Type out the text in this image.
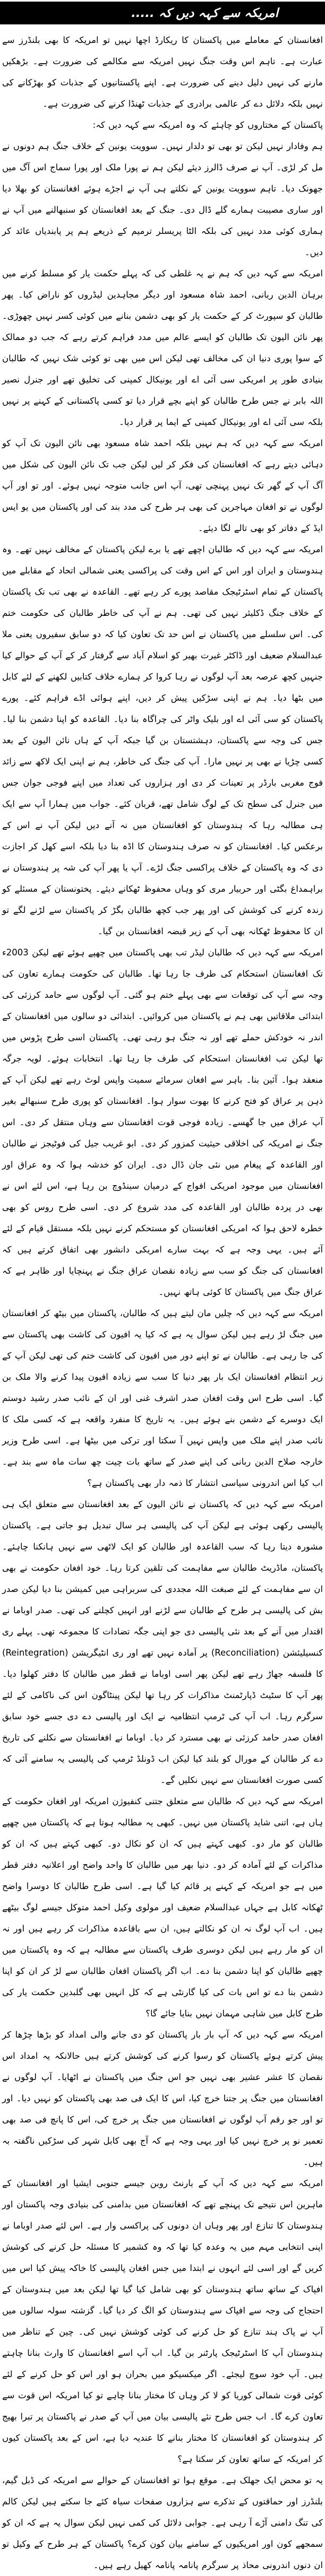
امریکہ سے کہہ دیں کہ .....

افغانستان کے معاملے میں پاکستان کا ریکارڈ اچھا نہیں تو امریکہ کا بھی بلنڈرز سے عبارت ہے۔ تاہم اس وقت جنگ نہیں امریکہ سے مکالمے کی ضرورت ہے۔ بڑھکیں مارنے کی نہیں دلیل دینے کی ضرورت ہے۔ اپنے پاکستانیوں کے جذبات کو بھڑکانے کی نہیں بلکہ دلائل دے کر عالمی برادری کے جذبات ٹھنڈا کرنے کی ضرورت ہے۔

پاکستان کے مختاروں کو چاہئے کہ وہ امریکہ سے کہہ دیں کہ:

ہم وفادار نہیں لیکن تو بھی تو دلدار نہیں۔ سوویت یونین کے خلاف جنگ ہم دونوں نے مل کر لڑی۔ آپ نے صرف ڈالرز دیئے لیکن ہم نے پورا ملک اور پورا سماج اس آگ میں جھونک دیا۔ تاہم سوویت یونین کے نکلتے ہی آپ نے اجڑے ہوئے افغانستان کو بھلا دیا اور ساری مصیبت ہمارے گلے ڈال دی۔ جنگ کے بعد افغانستان کو سنبھالنے میں آپ نے ہماری کوئی مدد نہیں کی بلکہ الٹا پریسلر ترمیم کے ذریعے ہم پر پابندیاں عائد کر دیں۔

امریکہ سے کہہ دیں کہ ہم نے یہ غلطی کی کہ پہلے حکمت یار کو مسلط کرنے میں برہان الدین ربانی، احمد شاہ مسعود اور دیگر مجاہدین لیڈروں کو ناراض کیا۔ پھر طالبان کو سپورٹ کر کے حکمت یار کو بھی دشمن بنانے میں کوئی کسر نہیں چھوڑی۔ پھر نائن الیون تک طالبان کو ایسے عالم میں مدد فراہم کرتے رہے کہ جب دو ممالک کے سوا پوری دنیا ان کی مخالف تھی لیکن اس میں بھی تو کوئی شک نہیں کہ طالبان بنیادی طور پر امریکی سی آئی اے اور یونیکال کمپنی کی تخلیق تھے اور جنرل نصیر اللہ بابر نے جس طرح طالبان کو اپنے بچے قرار دیا تو کسی پاکستانی کے کہنے پر نہیں بلکہ سی آئی اے اور یونیکال کمپنی کے ایما پر قرار دیا۔

امریکہ سے کہہ دیں کہ ہم نہیں بلکہ احمد شاہ مسعود بھی نائن الیون تک آپ کو دہائی دیتے رہے کہ افغانستان کی فکر کر لیں لیکن جب تک نائن الیون کی شکل میں آگ آپ کے گھر تک نہیں پہنچی تھی، آپ اس جانب متوجہ نہیں ہوئے۔ اور تو اور آپ لوگوں نے تو افغان مہاجرین کی بھی ہر طرح کی مدد بند کی اور پاکستان میں یو ایس ایڈ کے دفاتر کو بھی تالے لگا دیئے۔

امریکہ سے کہہ دیں کہ طالبان اچھے تھے یا برے لیکن پاکستان کے مخالف نہیں تھے۔ وہ ہندوستان و ایران اور اس کے اس وقت کی پراکسی یعنی شمالی اتحاد کے مقابلے میں پاکستان کے تمام اسٹرٹیجک مقاصد پورے کر رہے تھے۔ القاعدہ نے بھی تب تک پاکستان کے خلاف جنگ ڈکلیئر نہیں کی تھی۔ ہم نے آپ کی خاطر طالبان کی حکومت ختم کی۔ اس سلسلے میں پاکستان نے اس حد تک تعاون کیا کہ دو سابق سفیروں یعنی ملا عبدالسلام ضعیف اور ڈاکٹر غیرت بھیر کو اسلام آباد سے گرفتار کر کے آپ کے حوالے کیا جنہیں کچھ عرصہ بعد آپ لوگوں نے رہا کروا کر ہمارے خلاف کتابیں لکھنے کے لئے کابل میں بٹھا دیا۔ ہم نے اپنی سڑکیں پیش کر دیں، اپنے ہوائی اڈے فراہم کئے۔ پورے پاکستان کو سی آئی اے اور بلیک واٹر کی چراگاہ بنا دیا۔ القاعدہ کو اپنا دشمن بنا لیا۔ جس کی وجہ سے پاکستان، دہشتستان بن گیا جبکہ آپ کے ہاں نائن الیون کے بعد کسی چڑیا نے بھی پر نہیں مارا۔ آپ کی جنگ کی خاطر، ہم نے اپنی ایک لاکھ سے زائد فوج مغربی بارڈر پر تعینات کر دی اور ہزاروں کی تعداد میں اپنے فوجی جوان جس میں جنرل کی سطح تک کے لوگ شامل تھے، قربان کئے۔ جواب میں ہمارا آپ سے ایک ہی مطالبہ رہا کہ ہندوستان کو افغانستان میں نہ آنے دیں لیکن آپ نے اس کے برعکس کیا۔ افغانستان کو نہ صرف ہندوستان کا اڈہ بنا دیا بلکہ اسے کھل کر اجازت دی کہ وہ پاکستان کے خلاف پراکسی جنگ لڑے۔ آپ یا پھر آپ کی شہ پر ہندوستان نے براہمداغ بگٹی اور حربیار مری کو وہاں محفوظ ٹھکانے دیئے۔ پختونستان کے مسئلے کو زندہ کرنے کی کوشش کی اور پھر جب کچھ طالبان بگڑ کر پاکستان سے لڑنے لگے تو ان کا محفوظ ٹھکانہ بھی آپ کے زیر قبضہ افغانستان بن گیا۔

امریکہ سے کہہ دیں کہ طالبان لیڈر تب بھی پاکستان میں چھپے ہوئے تھے لیکن 2003ء تک افغانستان استحکام کی طرف جا رہا تھا۔ طالبان کی حکومت ہمارے تعاون کی وجہ سے آپ کی توقعات سے بھی پہلے ختم ہو گئی۔ آپ لوگوں سے حامد کرزئی کی ابتدائی ملاقاتیں بھی ہم نے پاکستان میں کروائیں۔ ابتدائی دو سالوں میں افغانستان کے اندر نہ خودکش حملے تھے اور نہ جنگ ہو رہی تھی۔ پاکستان اسی طرح پڑوس میں تھا لیکن تب افغانستان استحکام کی طرف جا رہا تھا۔ انتخابات ہوئے۔ لویہ جرگہ منعقد ہوا۔ آئین بنا۔ باہر سے افغان سرمائے سمیت واپس لوٹ رہے تھے لیکن آپ کے ذہن پر عراق کو فتح کرنے کا بھوت سوار ہوا۔ افغانستان کو پوری طرح سنبھالے بغیر آپ عراق میں جا گھسے۔ زیادہ فوجی قوت افغانستان سے وہاں منتقل کر دی۔ اس جنگ نے امریکہ کی اخلاقی حیثیت کمزور کر دی۔ ابو غریب جیل کی فوٹیجز نے طالبان اور القاعدہ کے پیغام میں نئی جان ڈال دی۔ ایران کو خدشہ ہوا کہ وہ عراق اور افغانستان میں موجود امریکی افواج کے درمیان سینڈوچ بن رہا ہے، اس لئے اس نے بھی در پردہ طالبان اور القاعدہ کی مدد شروع کر دی۔ اسی طرح روس کو بھی خطرہ لاحق ہوا کہ امریکی افغانستان کو مستحکم کرنے نہیں بلکہ مستقل قیام کے لئے آئے ہیں۔ یہی وجہ ہے کہ بہت سارے امریکی دانشور بھی اتفاق کرتے ہیں کہ افغانستان کی جنگ کو سب سے زیادہ نقصان عراق جنگ نے پہنچایا اور ظاہر ہے کہ عراق جنگ میں پاکستان کا کوئی ہاتھ نہیں۔

امریکہ سے کہہ دیں کہ چلیں مان لیتے ہیں کہ طالبان، پاکستان میں بیٹھ کر افغانستان میں جنگ لڑ رہے ہیں لیکن سوال یہ ہے کہ کیا یہ افیون کی کاشت بھی پاکستان سے کی جا رہی ہے۔ طالبان نے تو اپنے دور میں افیون کی کاشت ختم کی تھی لیکن آپ کے زیر انتظام افغانستان ایک بار پھر دنیا کا سب سے زیادہ افیون پیدا کرنے والا ملک بن گیا۔ اسی طرح اس وقت افغان صدر اشرف غنی اور ان کے نائب صدر رشید دوستم ایک دوسرے کے دشمن بنے ہوئے ہیں۔ یہ تاریخ کا منفرد واقعہ ہے کہ کسی ملک کا نائب صدر اپنے ملک میں واپس نہیں آ سکتا اور ترکی میں بیٹھا ہے۔ اسی طرح وزیر خارجہ صلاح الدین ربانی کی اپنے صدر کے ساتھ بات چیت چھ سات ماہ سے بند ہے۔ اب کیا اس اندرونی سیاسی انتشار کا ذمہ دار بھی پاکستان ہے؟

امریکہ سے کہہ دیں کہ پاکستان نے نائن الیون کے بعد افغانستان سے متعلق ایک ہی پالیسی رکھی ہوئی ہے لیکن آپ کی پالیسی ہر سال تبدیل ہو جاتی ہے۔ پاکستان مشورہ دیتا رہا کہ سب القاعدہ اور طالبان کو ایک لاٹھی سے نہیں ہانکنا چاہئے۔ پاکستان، ماڈریٹ طالبان سے مفاہمت کی تلقین کرتا رہا۔ خود افغان حکومت نے بھی ان سے مفاہمت کے لئے صبغت اللہ مجددی کی سربراہی میں کمیشن بنا دیا لیکن صدر بش کی پالیسی ہر طرح کے طالبان سے لڑنے اور انہیں کچلنے کی تھی۔ صدر اوباما نے اقتدار میں آنے کے بعد نئی پالیسی دی جو اپنی جگہ تضادات کا مجموعہ تھی۔ پہلے ری کنسیلیئشن (Reconciliation) پر آمادہ نہیں تھے اور ری انٹیگریشن (Reintegration) کا فلسفہ جھاڑ رہے تھے لیکن پھر اسی اوباما نے قطر میں طالبان کا دفتر کھلوا دیا۔ پھر آپ کا سٹیٹ ڈپارٹمنٹ مذاکرات کر رہا تھا لیکن پینٹاگون اس کی ناکامی کے لئے سرگرم رہا۔ اب آپ کی ٹرمپ انتظامیہ نے ایک اور پالیسی دے دی جسے خود سابق افغان صدر حامد کرزئی نے بھی مسترد کر دیا۔ اوباما نے افغانستان سے نکلنے کی تاریخ دے کر طالبان کے مورال کو بلند کیا لیکن اب ڈونلڈ ٹرمپ کی پالیسی یہ سامنے آئی کہ کسی صورت افغانستان سے نہیں نکلیں گے۔

امریکہ سے کہہ دیں کہ طالبان سے متعلق جتنی کنفیوژن امریکہ اور افغان حکومت کے ہاں ہے، اتنی شاید پاکستان میں نہیں۔ کبھی یہ مطالبہ ہوتا ہے کہ پاکستان میں چھپے طالبان کو مار دو۔ کبھی کہتے ہیں کہ ان کو نکال دو۔ کبھی کہتے ہیں کہ ان کو مذاکرات کے لئے آمادہ کر دو۔ دنیا بھر میں طالبان کا واحد واضح اور اعلانیہ دفتر قطر میں ہے جو امریکہ کے کہنے پر قائم کیا گیا ہے۔ اسی طرح طالبان کا دوسرا واضح ٹھکانہ کابل ہے جہاں عبدالسلام ضعیف اور مولوی وکیل احمد متوکل جیسے لوگ بیٹھے ہیں۔ اب آپ لوگ نہ ان کو نکالتے ہیں، ان سے باقاعدہ مذاکرات کر رہے ہیں اور نہ ان کو مار رہے ہیں لیکن دوسری طرف پاکستان سے مطالبہ ہے کہ وہ پاکستان میں چھپے طالبان کو اپنا دشمن بنا دے۔ اب اگر پاکستان افغان طالبان سے لڑ کر ان کو اپنا دشمن بنا دے تو اس بات کی کیا گارنٹی ہے کہ کل انہیں بھی گلبدین حکمت یار کی طرح کابل میں شاہی مہمان نہیں بنایا جائے گا؟

امریکہ سے کہہ دیں کہ آپ بار بار پاکستان کو دی جانے والی امداد کو بڑھا چڑھا کر پیش کرتے ہوئے پاکستان کو رسوا کرنے کی کوشش کرتے ہیں حالانکہ یہ امداد اس نقصان کا عشر عشیر بھی نہیں جو اس جنگ میں پاکستان نے اٹھایا۔ آپ لوگوں نے افغانستان میں جنگ پر جتنا خرچ کیا، اس کا ایک فی صد بھی پاکستان کو نہیں دیا۔ اور تو اور جو رقم آپ لوگوں نے افغانستان میں جنگ پر خرچ کی، اس کا پانچ فی صد بھی تعمیر نو پر خرچ نہیں کیا اور یہی وجہ ہے کہ آج بھی کابل شہر کی سڑکیں ناگفتہ بہ ہیں۔

امریکہ سے کہہ دیں کہ آپ کے بارنٹ روبن جیسے جنوبی ایشیا اور افغانستان کے ماہرین اس نتیجے تک پہنچے تھے کہ افغانستان میں بدامنی کی بنیادی وجہ پاکستان اور ہندوستان کا تنازع اور پھر وہاں ان دونوں کی پراکسی وار ہے۔ اس لئے صدر اوباما نے اپنی انتخابی مہم میں یہ وعدہ کیا تھا کہ وہ کشمیر کا مسئلہ حل کرنے کی کوشش کریں گے اور اسی لئے انہوں نے ابتدا میں جس افغان پالیسی کا خاکہ پیش کیا اس میں افپاک کے ساتھ ساتھ ہندوستان کو بھی شامل کیا گیا تھا لیکن بعد میں ہندوستان کے احتجاج کی وجہ سے افپاک سے ہندوستان کو الگ کر دیا گیا۔ گزشتہ سولہ سالوں میں آپ نے پاک ہند تنازع کو حل کرنے کی کوئی کوشش نہیں کی۔ چین کے تناظر میں ہندوستان آپ کا اسٹرٹیجک پارٹنر بن گیا۔ اب آپ اسے افغانستان کا وارث بنانا چاہتے ہیں۔ آپ خود سوچ لیجئے۔ اگر میکسیکو میں بحران ہو اور اس کو حل کرنے کے لئے کوئی قوت شمالی کوریا کو لا کر وہاں کا مختار بنانا چاہے تو کیا امریکہ اس قوت سے تعاون کرے گا۔ اب جس طرح نئے پالیسی بیان میں آپ کے صدر نے پاکستان پر تبرا بھیج کر ہندوستان کو افغانستان کا مختار بنانے کا عندیہ دیا ہے، اس کے بعد پاکستان کیوں کر امریکہ کے ساتھ تعاون کر سکتا ہے؟

یہ تو محض ایک جھلک ہے۔ موقع ہوا تو افغانستان کے حوالے سے امریکہ کی ڈبل گیم، بلنڈرز اور حماقتوں کے تذکرے سے ہزاروں صفحات سیاہ کئے جا سکتے ہیں لیکن کالم کی تنگ دامنی آڑے آ رہی ہے۔ جوابی دلائل کی کمی نہیں لیکن سوال یہ ہے کہ ان کو سمجھے کون اور امریکیوں کے سامنے بیان کون کرے؟ پاکستان کے ہر طرح کے وکیل تو ان دنوں اندرونی محاذ پر سرگرم پانامہ پانامہ کھیل رہے ہیں۔
